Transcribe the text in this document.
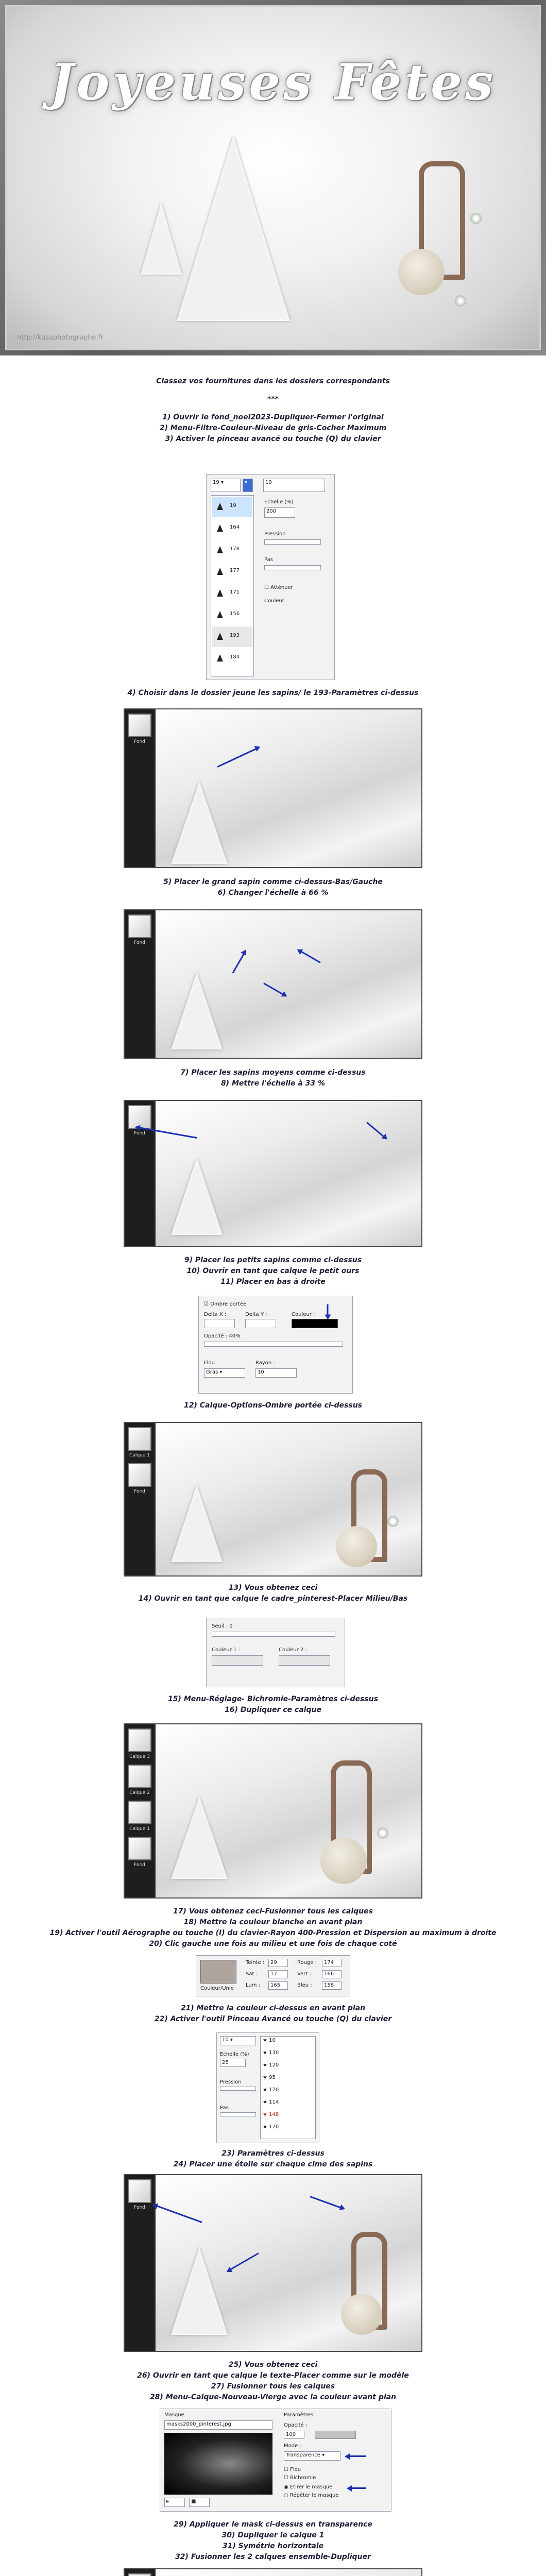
Joyeuses Fêtes
http://kazaphotographe.fr
Classez vos fournitures dans les dossiers correspondants
***
1) Ouvrir le fond_noel2023-Dupliquer-Fermer l'original
2) Menu-Filtre-Couleur-Niveau de gris-Cocher Maximum
3) Activer le pinceau avancé ou touche (Q) du clavier
19 ▾	▾
19
164
178
177
171
156
193
184
19
Echelle (%)
200
Pression
Pas
☐ Atténuer
Couleur
4) Choisir dans le dossier jeune les sapins/ le 193-Paramètres ci-dessus
Fond
5) Placer le grand sapin comme ci-dessus-Bas/Gauche
6) Changer l'échelle à 66 %
Fond
7) Placer les sapins moyens comme ci-dessus
8) Mettre l'échelle à 33 %
Fond
9) Placer les petits sapins comme ci-dessus
10) Ouvrir en tant que calque le petit ours
11) Placer en bas à droite
☑ Ombre portée
Delta X :	Delta Y :	Couleur :
Opacité : 40%
Flou
Gras ▾
Rayon :
10
12) Calque-Options-Ombre portée ci-dessus
Calque 1
Fond
13) Vous obtenez ceci
14) Ouvrir en tant que calque le cadre_pinterest-Placer Milieu/Bas
Seuil : 0
Couleur 1 :	Couleur 2 :
15) Menu-Réglage- Bichromie-Paramètres ci-dessus
16) Dupliquer ce calque
Calque 3
Calque 2
Calque 1
Fond
17) Vous obtenez ceci-Fusionner tous les calques
18) Mettre la couleur blanche en avant plan
19) Activer l'outil Aérographe ou touche (I) du clavier-Rayon 400-Pression et Dispersion au maximum à droite
20) Clic gauche une fois au milieu et une fois de chaque coté
Couleur/Unie
Teinte :	29
Sat :	17
Lum :	165
Rouge :	174
Vert :	166
Bleu :	158
21) Mettre la couleur ci-dessus en avant plan
22) Activer l'outil Pinceau Avancé ou touche (Q) du clavier
10 ▾	★ 10
★ 130
★ 120
★ 95
★ 170
★ 114
★ 148
★ 120
Echelle (%)
25
Pression
Pas
23) Paramètres ci-dessus
24) Placer une étoile sur chaque cime des sapins
Fond
25) Vous obtenez ceci
26) Ouvrir en tant que calque le texte-Placer comme sur le modèle
27) Fusionner tous les calques
28) Menu-Calque-Nouveau-Vierge avec la couleur avant plan
Masque
masks2000_pinterest.jpg
▸	▣
Paramètres
Opacité :
100
Mode :
Transparence ▾
☐ Flou
☐ Bichromie
◉ Étirer le masque
○ Répéter le masque
29) Appliquer le mask ci-dessus en transparence
30) Dupliquer le calque 1
31) Symétrie horizontale
32) Fusionner les 2 calques ensemble-Dupliquer
